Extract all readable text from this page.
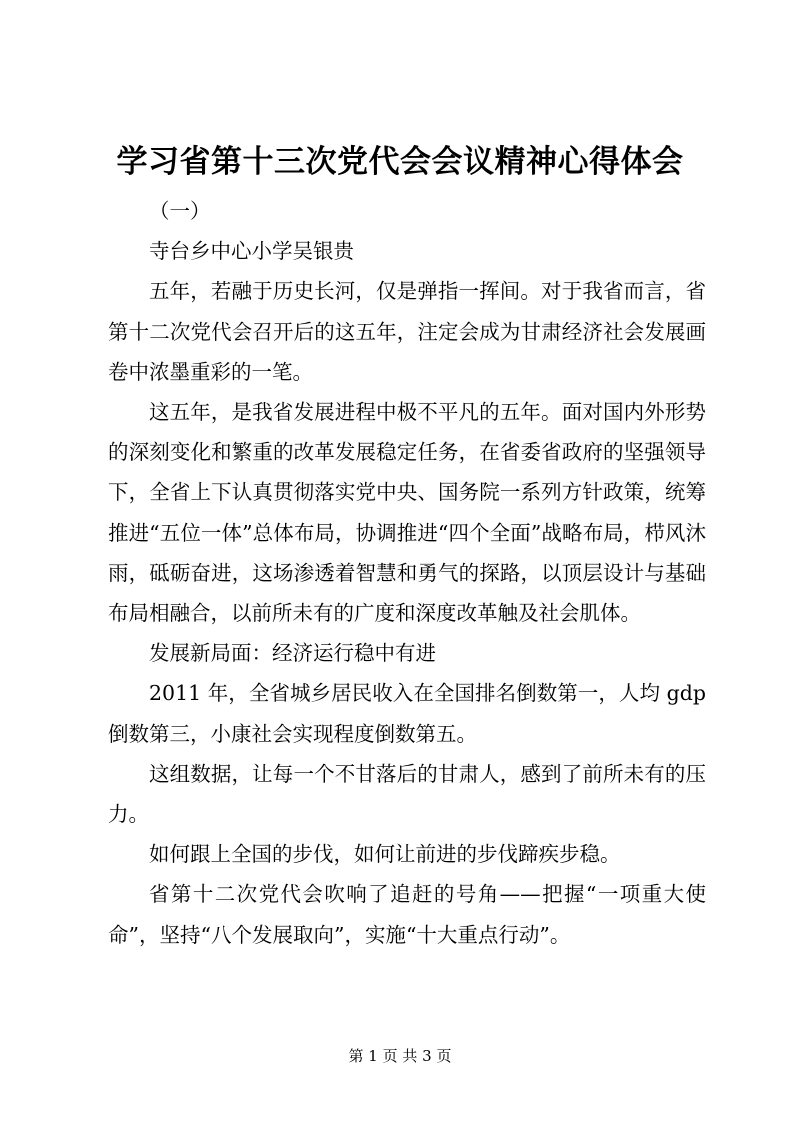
学习省第十三次党代会会议精神心得体会

（一）

寺台乡中心小学吴银贵

五年，若融于历史长河，仅是弹指一挥间。对于我省而言，省第十二次党代会召开后的这五年，注定会成为甘肃经济社会发展画卷中浓墨重彩的一笔。

这五年，是我省发展进程中极不平凡的五年。面对国内外形势的深刻变化和繁重的改革发展稳定任务，在省委省政府的坚强领导下，全省上下认真贯彻落实党中央、国务院一系列方针政策，统筹推进“五位一体”总体布局，协调推进“四个全面”战略布局，栉风沐雨，砥砺奋进，这场渗透着智慧和勇气的探路，以顶层设计与基础布局相融合，以前所未有的广度和深度改革触及社会肌体。

发展新局面：经济运行稳中有进

2011 年，全省城乡居民收入在全国排名倒数第一，人均 gdp 倒数第三，小康社会实现程度倒数第五。

这组数据，让每一个不甘落后的甘肃人，感到了前所未有的压力。

如何跟上全国的步伐，如何让前进的步伐蹄疾步稳。

省第十二次党代会吹响了追赶的号角——把握“一项重大使命”，坚持“八个发展取向”，实施“十大重点行动”。

第 1 页 共 3 页
